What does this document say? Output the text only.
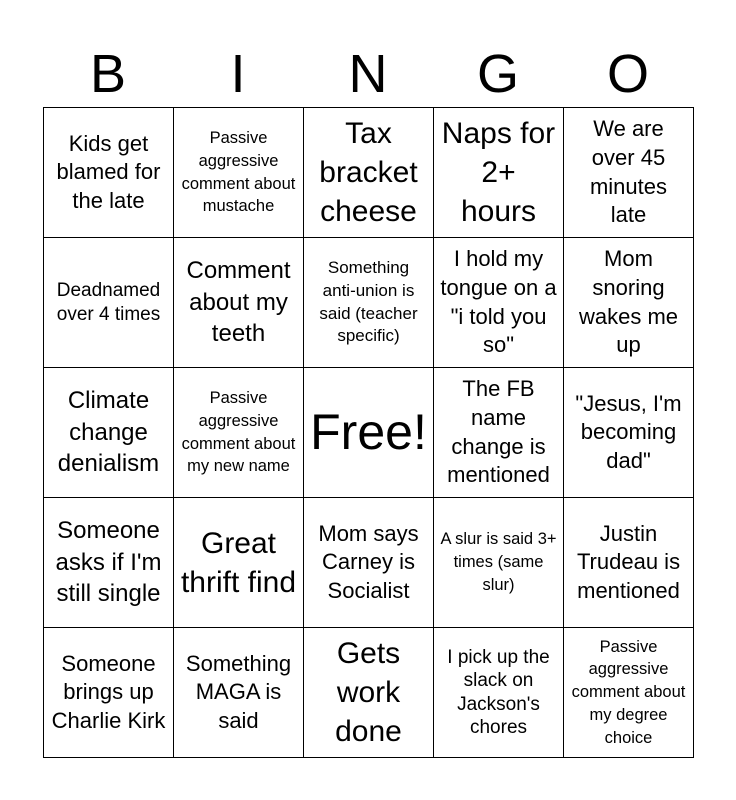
B	I	N	G	O
Kids get blamed for the late
Passive aggressive comment about mustache
Tax bracket cheese
Naps for 2+ hours
We are over 45 minutes late
Deadnamed over 4 times
Comment about my teeth
Something anti-union is said (teacher specific)
I hold my tongue on a "i told you so"
Mom snoring wakes me up
Climate change denialism
Passive aggressive comment about my new name
Free!
The FB name change is mentioned
"Jesus, I'm becoming dad"
Someone asks if I'm still single
Great thrift find
Mom says Carney is Socialist
A slur is said 3+ times (same slur)
Justin Trudeau is mentioned
Someone brings up Charlie Kirk
Something MAGA is said
Gets work done
I pick up the slack on Jackson's chores
Passive aggressive comment about my degree choice
